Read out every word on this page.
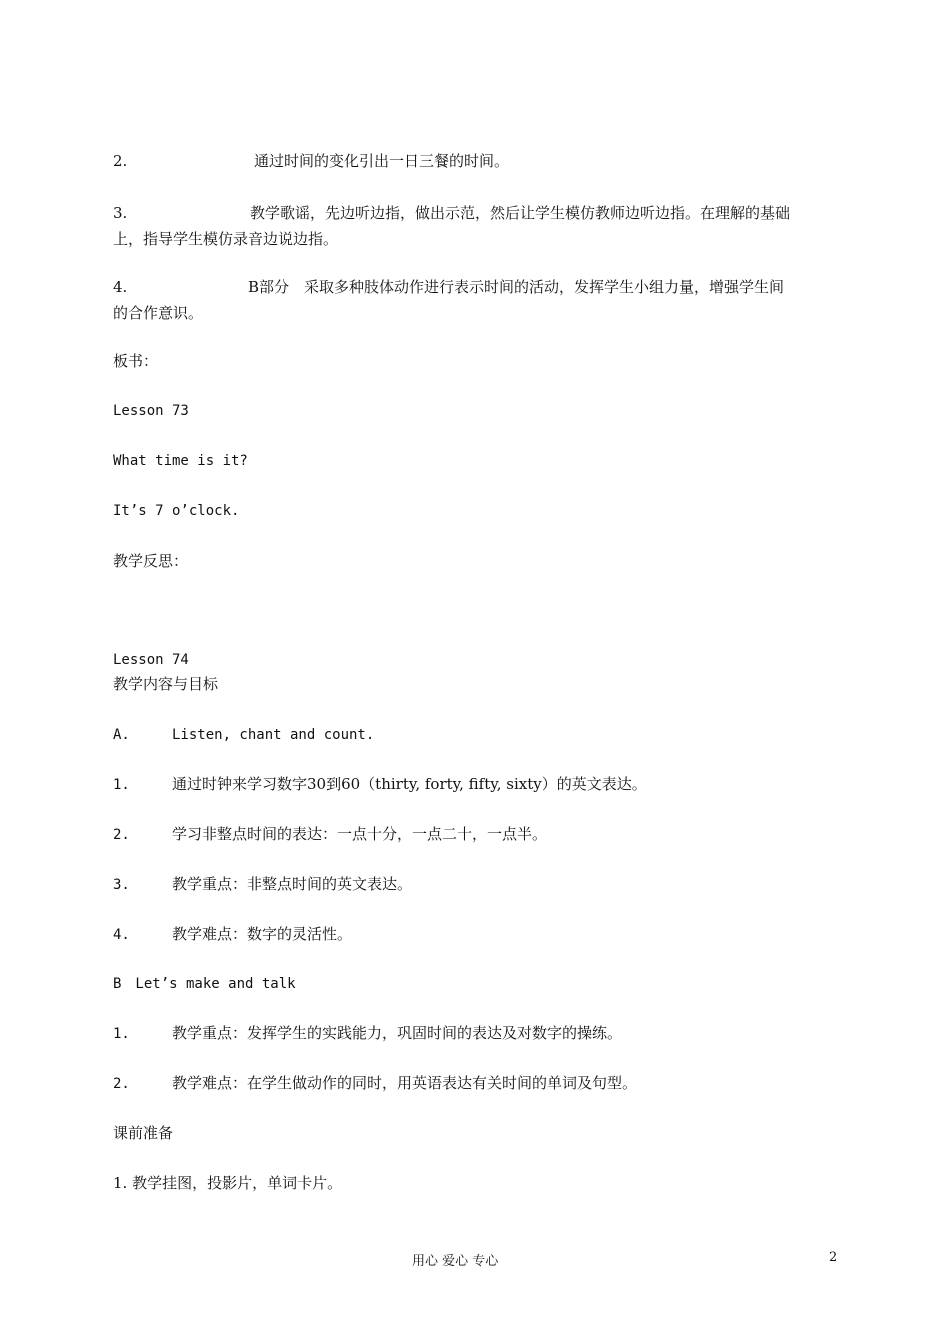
2.	通过时间的变化引出一日三餐的时间。
3.	教学歌谣，先边听边指，做出示范，然后让学生模仿教师边听边指。在理解的基础
上，指导学生模仿录音边说边指。
4.	B部分　采取多种肢体动作进行表示时间的活动，发挥学生小组力量，增强学生间
的合作意识。
板书：
Lesson 73
What time is it?
It’s 7 o’clock.
教学反思：
Lesson 74
教学内容与目标
A.	Listen, chant and count.
1.	通过时钟来学习数字30到60（thirty, forty, fifty, sixty）的英文表达。
2.	学习非整点时间的表达：一点十分，一点二十，一点半。
3.	教学重点：非整点时间的英文表达。
4.	教学难点：数字的灵活性。
B　Let’s make and talk
1.	教学重点：发挥学生的实践能力，巩固时间的表达及对数字的操练。
2.	教学难点：在学生做动作的同时，用英语表达有关时间的单词及句型。
课前准备
1. 教学挂图，投影片，单词卡片。
用心 爱心 专心	2
